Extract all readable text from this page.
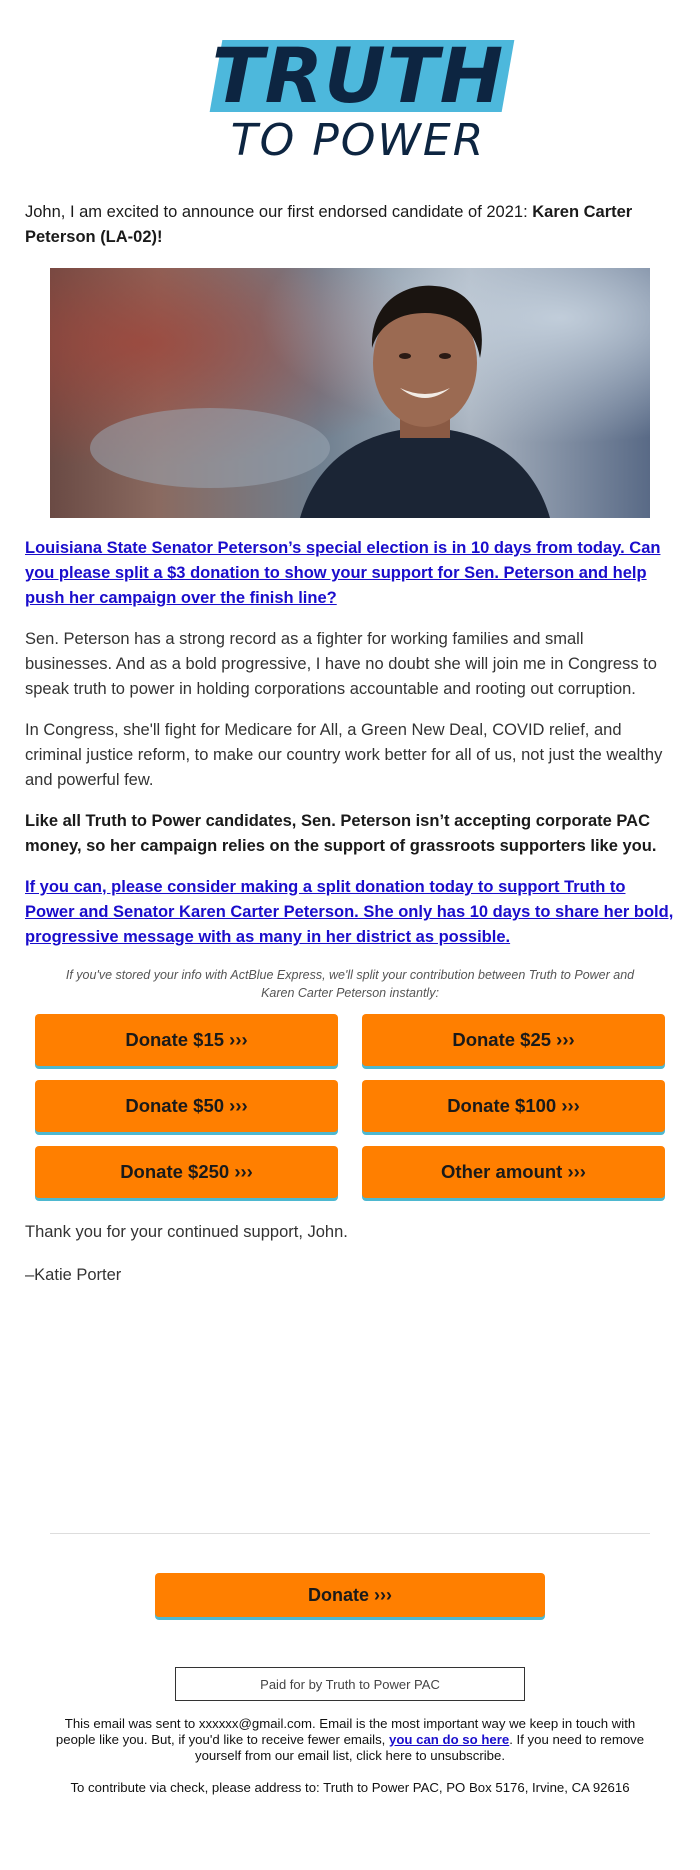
TRUTH
TO POWER

John, I am excited to announce our first endorsed candidate of 2021: Karen Carter Peterson (LA-02)!

Louisiana State Senator Peterson’s special election is in 10 days from today. Can you please split a $3 donation to show your support for Sen. Peterson and help push her campaign over the finish line?

Sen. Peterson has a strong record as a fighter for working families and small businesses. And as a bold progressive, I have no doubt she will join me in Congress to speak truth to power in holding corporations accountable and rooting out corruption.

In Congress, she'll fight for Medicare for All, a Green New Deal, COVID relief, and criminal justice reform, to make our country work better for all of us, not just the wealthy and powerful few.

Like all Truth to Power candidates, Sen. Peterson isn’t accepting corporate PAC money, so her campaign relies on the support of grassroots supporters like you.

If you can, please consider making a split donation today to support Truth to Power and Senator Karen Carter Peterson. She only has 10 days to share her bold, progressive message with as many in her district as possible.
If you've stored your info with ActBlue Express, we'll split your contribution between Truth to Power and Karen Carter Peterson instantly:
Donate $15 ›››	Donate $25 ›››
Donate $50 ›››	Donate $100 ›››
Donate $250 ›››	Other amount ›››

Thank you for your continued support, John.

–Katie Porter

Donate ›››
Paid for by Truth to Power PAC
This email was sent to xxxxxx@gmail.com. Email is the most important way we keep in touch with people like you. But, if you'd like to receive fewer emails, you can do so here. If you need to remove yourself from our email list, click here to unsubscribe.
To contribute via check, please address to: Truth to Power PAC, PO Box 5176, Irvine, CA 92616
